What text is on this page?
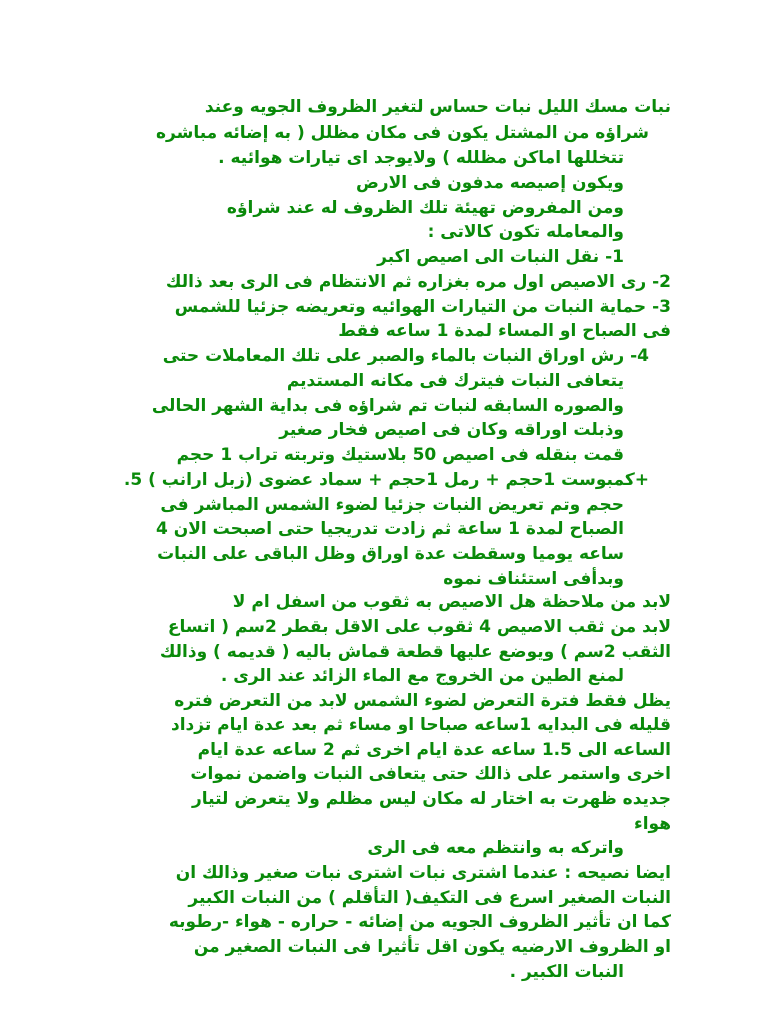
نبات مسك الليل نبات حساس لتغير الظروف الجويه وعند

شراؤه من المشتل يكون فى مكان مظلل ( به إضائه مباشره

تتخللها اماكن مظلله ) ولايوجد اى تيارات هوائيه .

ويكون إصيصه مدفون فى الارض

ومن المفروض تهيئة تلك الظروف له عند شراؤه

والمعامله تكون كالاتى :

1- نقل النبات الى اصيص اكبر

2- رى الاصيص اول مره بغزاره ثم الانتظام فى الرى بعد ذالك

3- حماية النبات من التيارات الهوائيه وتعريضه جزئيا للشمس

فى الصباح او المساء لمدة 1 ساعه فقط

4- رش اوراق النبات بالماء والصبر على تلك المعاملات حتى

يتعافى النبات فيترك فى مكانه المستديم

والصوره السابقه لنبات تم شراؤه فى بداية الشهر الحالى

وذبلت اوراقه وكان فى اصيص فخار صغير

قمت بنقله فى اصيص 50 بلاستيك وتربته تراب 1 حجم

+كمبوست 1حجم + رمل 1حجم + سماد عضوى (زبل ارانب ) 5.

حجم وتم تعريض النبات جزئيا لضوء الشمس المباشر فى

الصباح لمدة 1 ساعة ثم زادت تدريجيا حتى اصبحت الان 4

ساعه يوميا وسقطت عدة اوراق وظل الباقى على النبات

وبدأفى استئناف نموه

لابد من ملاحظة هل الاصيص به ثقوب من اسفل ام لا

لابد من ثقب الاصيص 4 ثقوب على الاقل بقطر 2سم ( اتساع

الثقب 2سم ) ويوضع عليها قطعة قماش باليه ( قديمه ) وذالك

لمنع الطين من الخروج مع الماء الزائد عند الرى .

يظل فقط فترة التعرض لضوء الشمس لابد من التعرض فتره

قليله فى البدايه 1ساعه صباحا او مساء ثم بعد عدة ايام تزداد

الساعه الى 1.5 ساعه عدة ايام اخرى ثم 2 ساعه عدة ايام

اخرى واستمر على ذالك حتى يتعافى النبات واضمن نموات

جديده ظهرت به اختار له مكان ليس مظلم ولا يتعرض لتيار

هواء

واتركه به وانتظم معه فى الرى

ايضا نصيحه : عندما اشترى نبات اشترى نبات صغير وذالك ان

النبات الصغير اسرع فى التكيف( التأقلم ) من النبات الكبير

كما ان تأثير الظروف الجويه من إضائه - حراره - هواء -رطوبه

او الظروف الارضيه يكون اقل تأثيرا فى النبات الصغير من

النبات الكبير .
